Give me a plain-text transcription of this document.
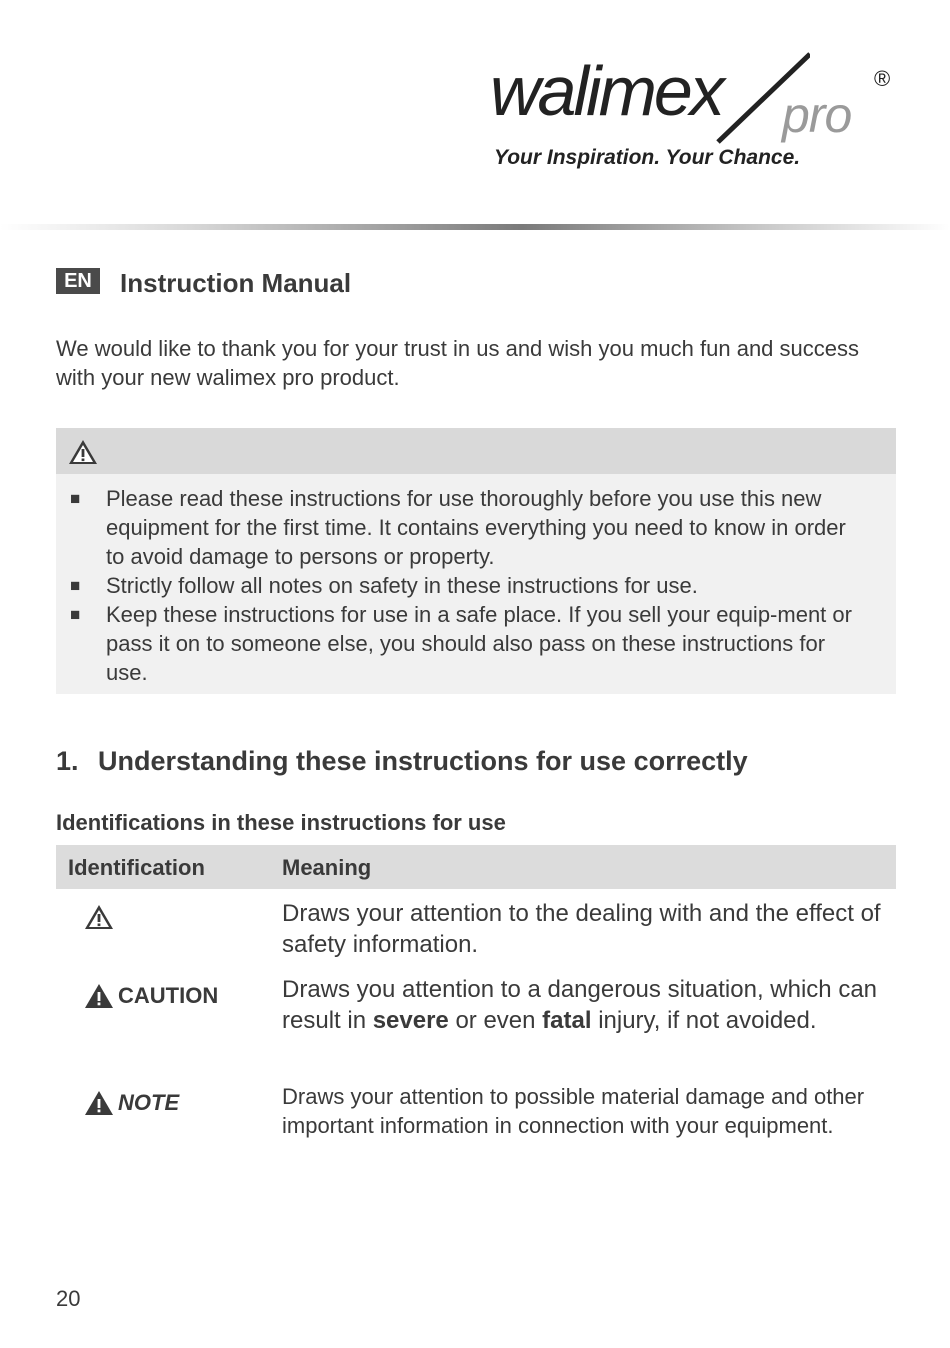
walimex pro
®
Your Inspiration. Your Chance.
EN	Instruction Manual

We would like to thank you for your trust in us and wish you much fun and success with your new walimex pro product.

■ Please read these instructions for use thoroughly before you use this new equipment for the first time. It contains everything you need to know in order to avoid damage to persons or property.
■ Strictly follow all notes on safety in these instructions for use.
■ Keep these instructions for use in a safe place. If you sell your equip-ment or pass it on to someone else, you should also pass on these instructions for use.
1. Understanding these instructions for use correctly
Identifications in these instructions for use
Identification	Meaning

Draws your attention to the dealing with and the effect of safety information.

CAUTION	Draws you attention to a dangerous situation, which can result in severe or even fatal injury, if not avoided.

NOTE	Draws your attention to possible material damage and other important information in connection with your equipment.

20
